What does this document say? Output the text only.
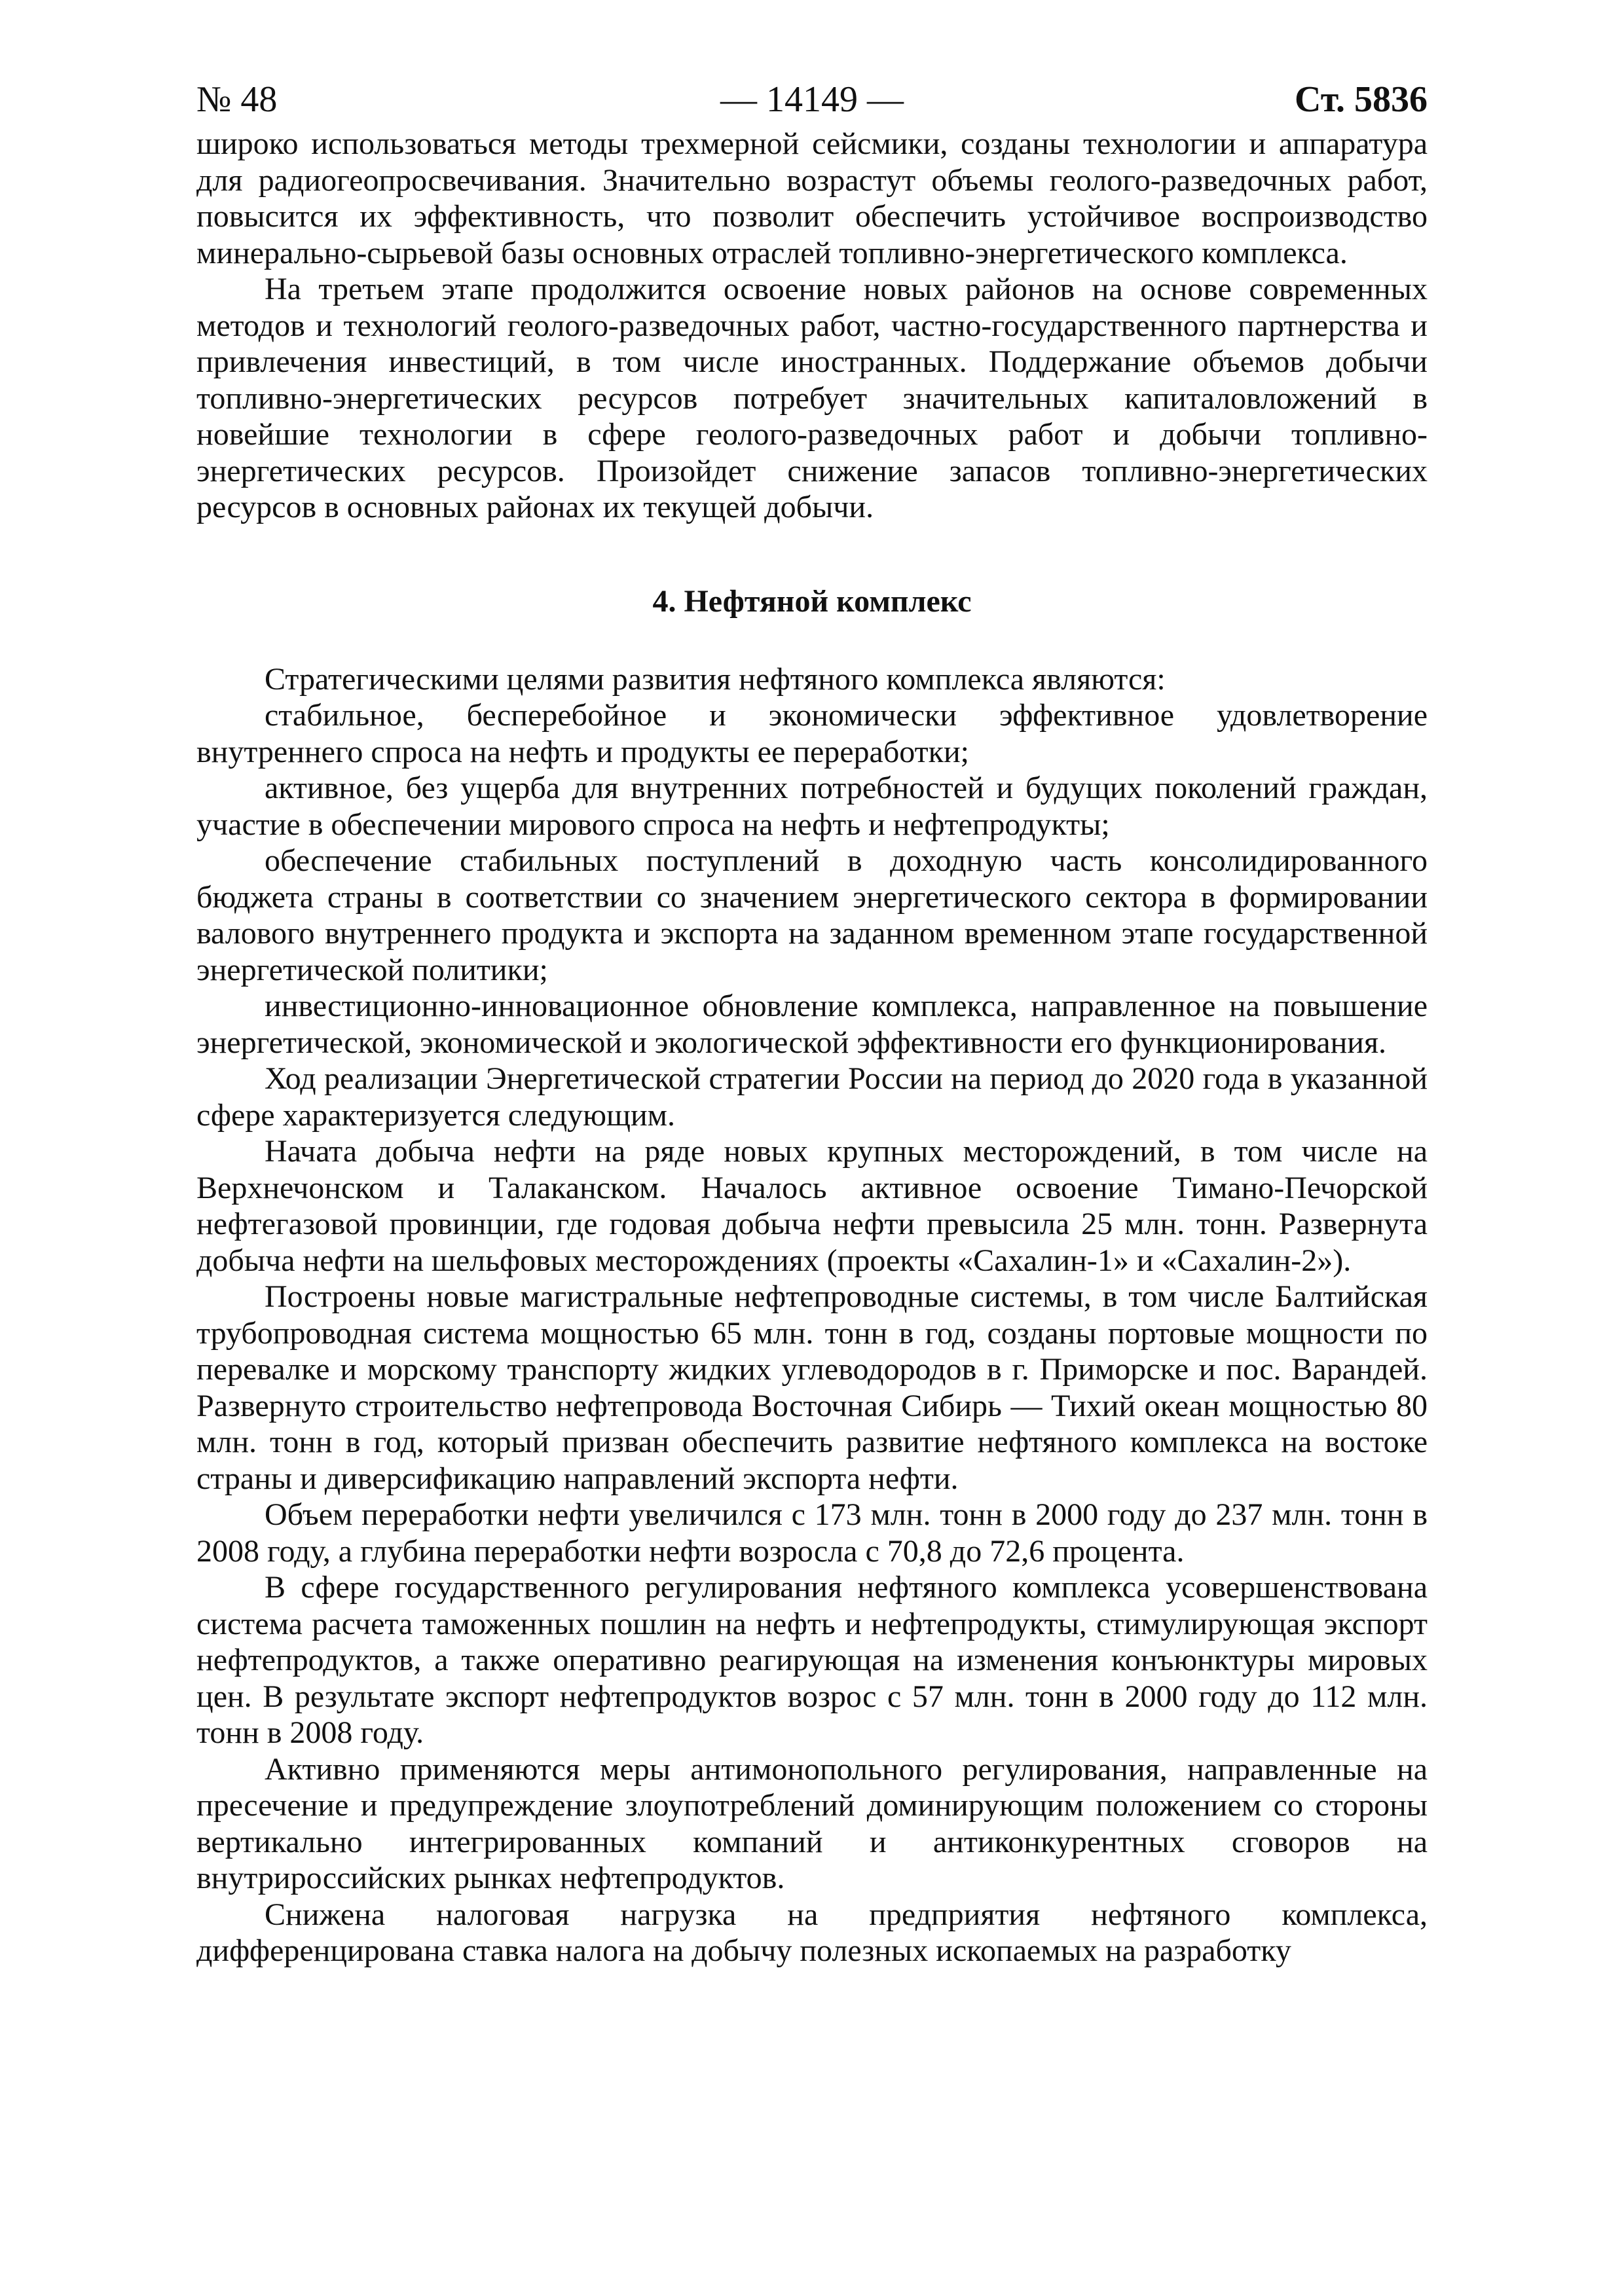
№ 48	— 14149 —	Ст. 5836

широко использоваться методы трехмерной сейсмики, созданы технологии и аппаратура для радиогеопросвечивания. Значительно возрастут объемы геолого-разведочных работ, повысится их эффективность, что позволит обеспечить устойчивое воспроизводство минерально-сырьевой базы основных отраслей топливно-энергетического комплекса.

На третьем этапе продолжится освоение новых районов на основе современных методов и технологий геолого-разведочных работ, частно-государственного партнерства и привлечения инвестиций, в том числе иностранных. Поддержание объемов добычи топливно-энергетических ресурсов потребует значительных капиталовложений в новейшие технологии в сфере геолого-разведочных работ и добычи топливно-энергетических ресурсов. Произойдет снижение запасов топливно-энергетических ресурсов в основных районах их текущей добычи.

4. Нефтяной комплекс

Стратегическими целями развития нефтяного комплекса являются:

стабильное, бесперебойное и экономически эффективное удовлетворение внутреннего спроса на нефть и продукты ее переработки;

активное, без ущерба для внутренних потребностей и будущих поколений граждан, участие в обеспечении мирового спроса на нефть и нефтепродукты;

обеспечение стабильных поступлений в доходную часть консолидированного бюджета страны в соответствии со значением энергетического сектора в формировании валового внутреннего продукта и экспорта на заданном временном этапе государственной энергетической политики;

инвестиционно-инновационное обновление комплекса, направленное на повышение энергетической, экономической и экологической эффективности его функционирования.

Ход реализации Энергетической стратегии России на период до 2020 года в указанной сфере характеризуется следующим.

Начата добыча нефти на ряде новых крупных месторождений, в том числе на Верхнечонском и Талаканском. Началось активное освоение Тимано-Печорской нефтегазовой провинции, где годовая добыча нефти превысила 25 млн. тонн. Развернута добыча нефти на шельфовых месторождениях (проекты «Сахалин-1» и «Сахалин-2»).

Построены новые магистральные нефтепроводные системы, в том числе Балтийская трубопроводная система мощностью 65 млн. тонн в год, созданы портовые мощности по перевалке и морскому транспорту жидких углеводородов в г. Приморске и пос. Варандей. Развернуто строительство нефтепровода Восточная Сибирь — Тихий океан мощностью 80 млн. тонн в год, который призван обеспечить развитие нефтяного комплекса на востоке страны и диверсификацию направлений экспорта нефти.

Объем переработки нефти увеличился с 173 млн. тонн в 2000 году до 237 млн. тонн в 2008 году, а глубина переработки нефти возросла с 70,8 до 72,6 процента.

В сфере государственного регулирования нефтяного комплекса усовершенствована система расчета таможенных пошлин на нефть и нефтепродукты, стимулирующая экспорт нефтепродуктов, а также оперативно реагирующая на изменения конъюнктуры мировых цен. В результате экспорт нефтепродуктов возрос с 57 млн. тонн в 2000 году до 112 млн. тонн в 2008 году.

Активно применяются меры антимонопольного регулирования, направленные на пресечение и предупреждение злоупотреблений доминирующим положением со стороны вертикально интегрированных компаний и антиконкурентных сговоров на внутрироссийских рынках нефтепродуктов.

Снижена налоговая нагрузка на предприятия нефтяного комплекса, дифференцирована ставка налога на добычу полезных ископаемых на разработку
